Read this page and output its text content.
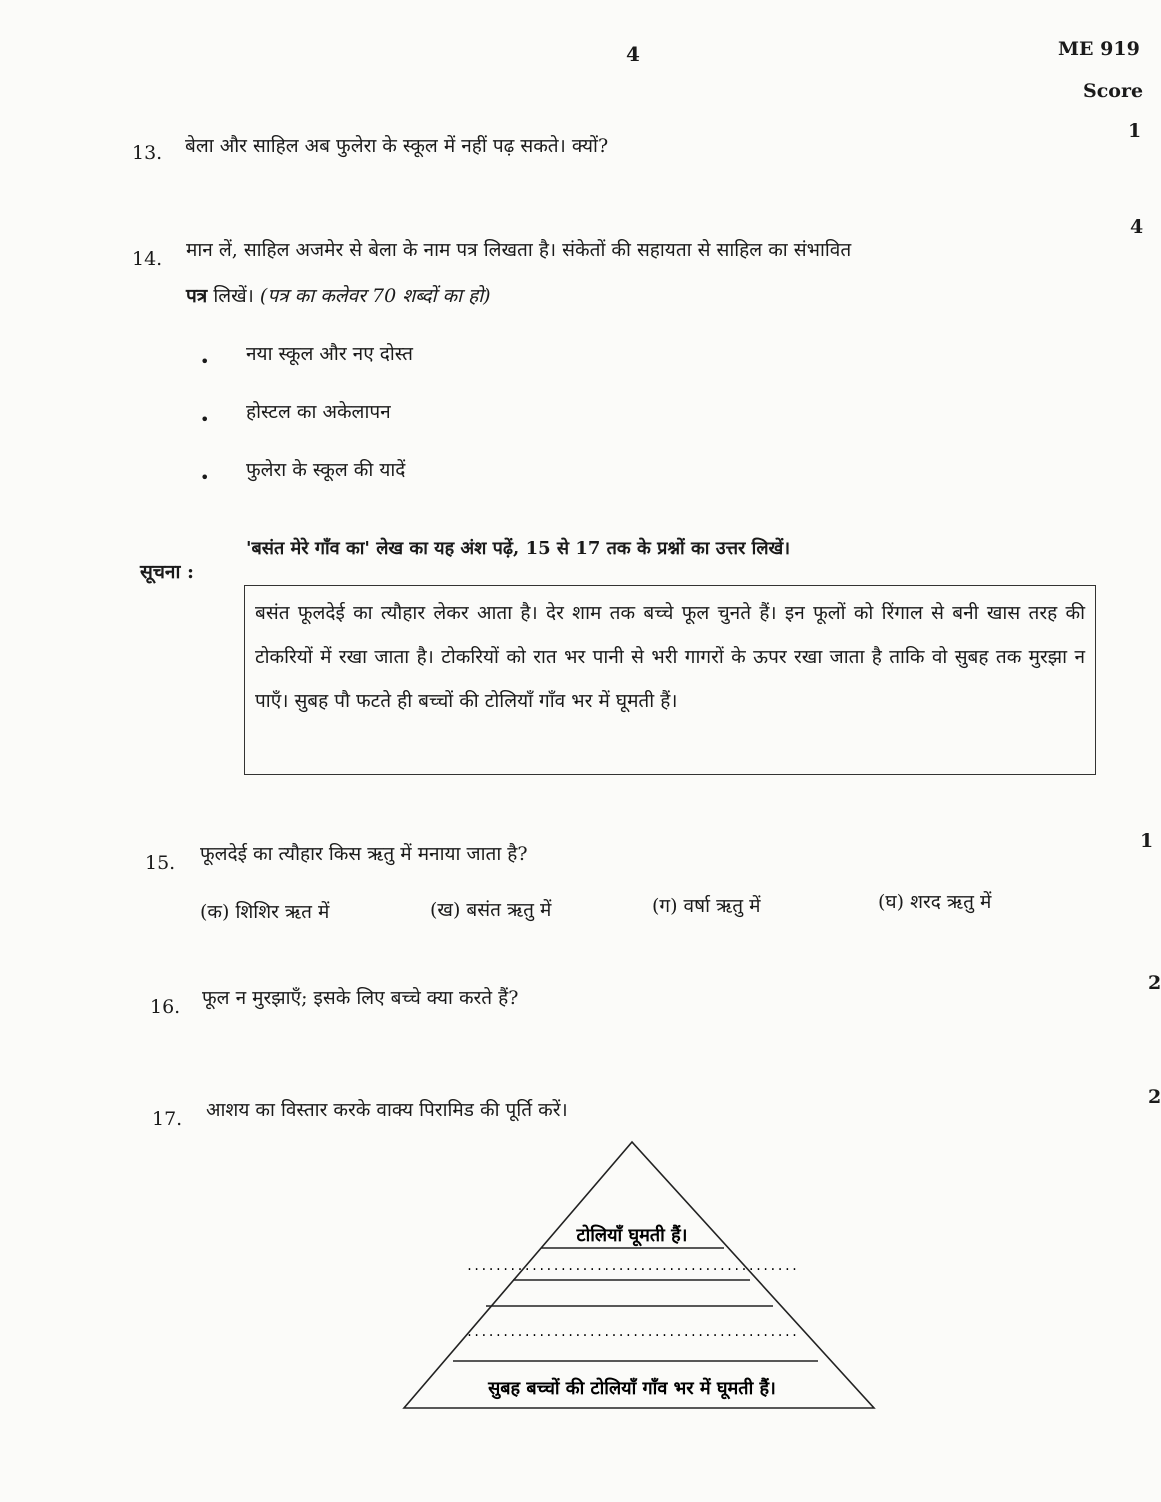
4	ME 919
Score
13. बेला और साहिल अब फुलेरा के स्कूल में नहीं पढ़ सकते। क्यों?
1
14. मान लें, साहिल अजमेर से बेला के नाम पत्र लिखता है। संकेतों की सहायता से साहिल का संभावित
4
पत्र लिखें। (पत्र का कलेवर 70 शब्दों का हो)
• नया स्कूल और नए दोस्त
• होस्टल का अकेलापन
• फुलेरा के स्कूल की यादें
सूचना :
'बसंत मेरे गाँव का' लेख का यह अंश पढ़ें, 15 से 17 तक के प्रश्नों का उत्तर लिखें।
बसंत फूलदेई का त्यौहार लेकर आता है। देर शाम तक बच्चे फूल चुनते हैं। इन फूलों को रिंगाल से बनी खास तरह की टोकरियों में रखा जाता है। टोकरियों को रात भर पानी से भरी गागरों के ऊपर रखा जाता है ताकि वो सुबह तक मुरझा न पाएँ। सुबह पौ फटते ही बच्चों की टोलियाँ गाँव भर में घूमती हैं।
15. फूलदेई का त्यौहार किस ऋतु में मनाया जाता है?
1
(क) शिशिर ऋत में	(ख) बसंत ऋतु में	(ग) वर्षा ऋतु में	(घ) शरद ऋतु में
16. फूल न मुरझाएँ; इसके लिए बच्चे क्या करते हैं?
2
17. आशय का विस्तार करके वाक्य पिरामिड की पूर्ति करें।
2
टोलियाँ घूमती हैं।
..............................................
..............................................
सुबह बच्चों की टोलियाँ गाँव भर में घूमती हैं।
